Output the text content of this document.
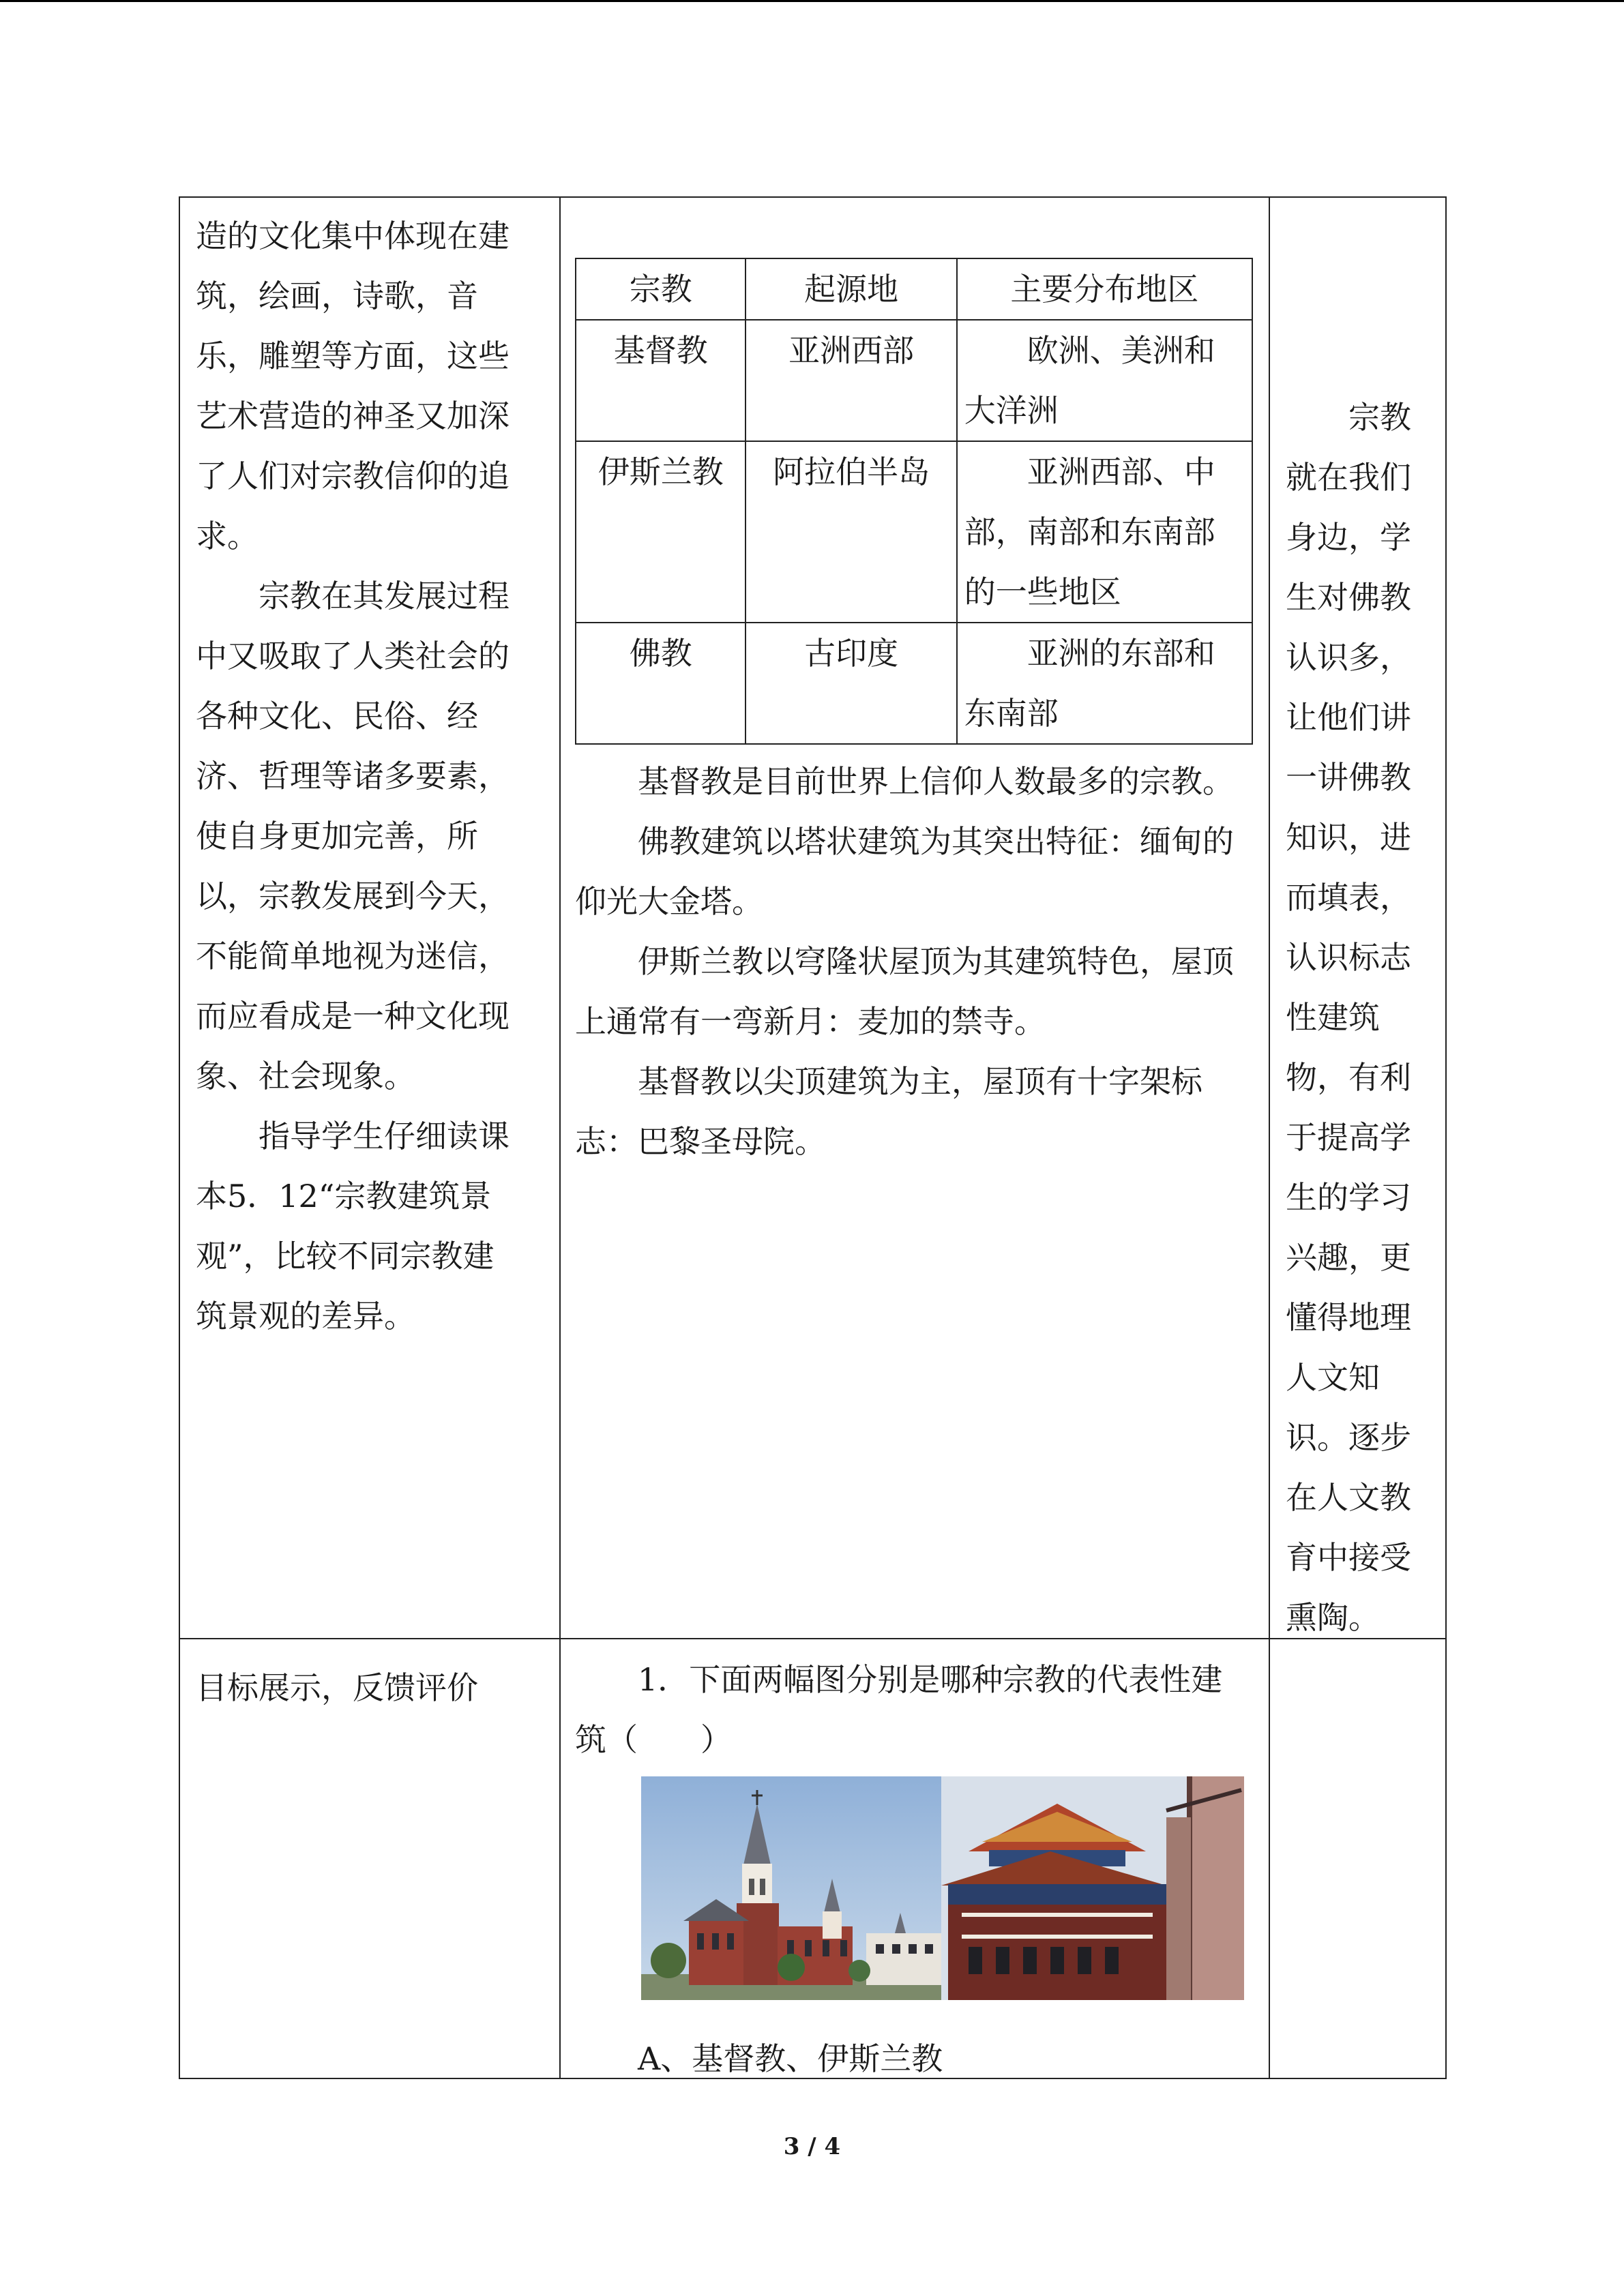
造的文化集中体现在建筑，绘画，诗歌，音乐，雕塑等方面，这些艺术营造的神圣又加深了人们对宗教信仰的追求。

宗教在其发展过程中又吸取了人类社会的各种文化、民俗、经济、哲理等诸多要素，使自身更加完善，所以，宗教发展到今天，不能简单地视为迷信，而应看成是一种文化现象、社会现象。

指导学生仔细读课本5．12“宗教建筑景观”，比较不同宗教建筑景观的差异。

宗教	起源地	主要分布地区
基督教	亚洲西部	欧洲、美洲和大洋洲
伊斯兰教	阿拉伯半岛	亚洲西部、中部，南部和东南部的一些地区
佛教	古印度	亚洲的东部和东南部

基督教是目前世界上信仰人数最多的宗教。

佛教建筑以塔状建筑为其突出特征：缅甸的仰光大金塔。

伊斯兰教以穹隆状屋顶为其建筑特色，屋顶上通常有一弯新月：麦加的禁寺。

基督教以尖顶建筑为主，屋顶有十字架标志：巴黎圣母院。

宗教就在我们身边，学生对佛教认识多，让他们讲一讲佛教知识，进而填表，认识标志性建筑物，有利于提高学生的学习兴趣，更懂得地理人文知识。逐步在人文教育中接受熏陶。

目标展示，反馈评价	1．下面两幅图分别是哪种宗教的代表性建筑（　　）

A、基督教、伊斯兰教

3 / 4
